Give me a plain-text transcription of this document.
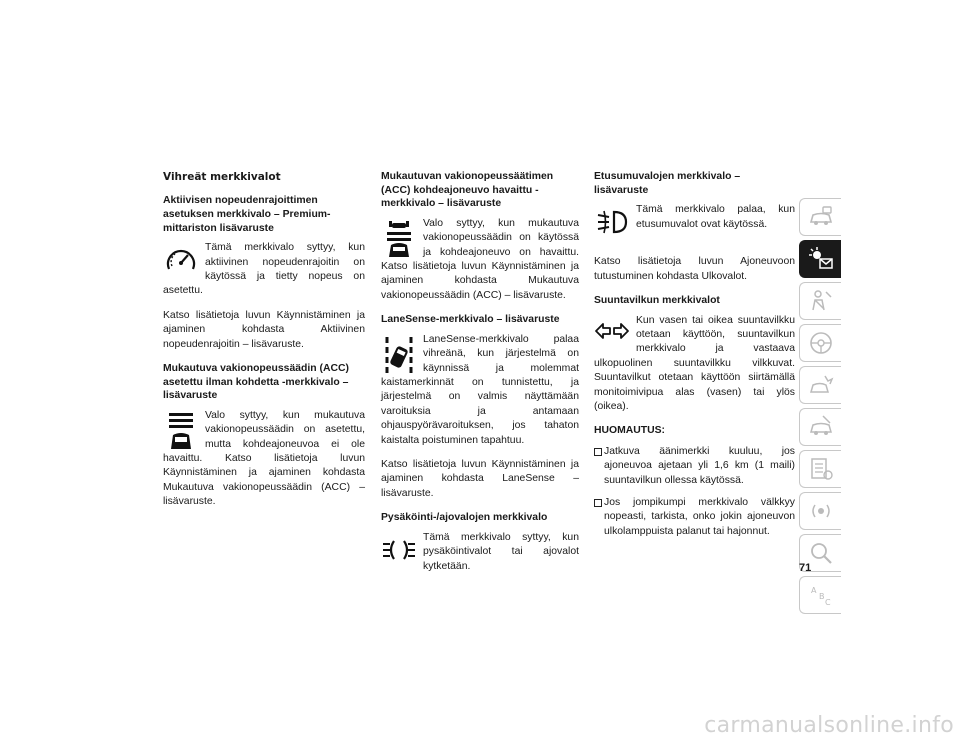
Vihreät merkkivalot
Aktiivisen nopeudenrajoittimen asetuksen merkkivalo – Premium-mittariston lisävaruste

Tämä merkkivalo syttyy, kun aktiivinen nopeudenrajoitin on käytössä ja tietty nopeus on asetettu.

Katso lisätietoja luvun Käynnistäminen ja ajaminen kohdasta Aktiivinen nopeudenrajoitin – lisävaruste.

Mukautuva vakionopeussäädin (ACC) asetettu ilman kohdetta -merkkivalo – lisävaruste

Valo syttyy, kun mukautuva vakionopeussäädin on asetettu, mutta kohdeajoneuvoa ei ole havaittu. Katso lisätietoja luvun Käynnistäminen ja ajaminen kohdasta Mukautuva vakionopeussäädin (ACC) – lisävaruste.

Mukautuvan vakionopeussäätimen (ACC) kohdeajoneuvo havaittu -merkkivalo – lisävaruste

Valo syttyy, kun mukautuva vakionopeussäädin on käytössä ja kohdeajoneuvo on havaittu. Katso lisätietoja luvun Käynnistäminen ja ajaminen kohdasta Mukautuva vakionopeussäädin (ACC) – lisävaruste.

LaneSense-merkkivalo – lisävaruste

LaneSense-merkkivalo palaa vihreänä, kun järjestelmä on käynnissä ja molemmat kaistamerkinnät on tunnistettu, ja järjestelmä on valmis näyttämään varoituksia ja antamaan ohjauspyörävaroituksen, jos tahaton kaistalta poistuminen tapahtuu.

Katso lisätietoja luvun Käynnistäminen ja ajaminen kohdasta LaneSense – lisävaruste.

Pysäköinti-/ajovalojen merkkivalo

Tämä merkkivalo syttyy, kun pysäköintivalot tai ajovalot kytketään.

Etusumuvalojen merkkivalo – lisävaruste

Tämä merkkivalo palaa, kun etusumuvalot ovat käytössä.

Katso lisätietoja luvun Ajoneuvoon tutustuminen kohdasta Ulkovalot.

Suuntavilkun merkkivalot

Kun vasen tai oikea suuntavilkku otetaan käyttöön, suuntavilkun merkkivalo ja vastaava ulkopuolinen suuntavilkku vilkkuvat. Suuntavilkut otetaan käyttöön siirtämällä monitoimivipua alas (vasen) tai ylös (oikea).

HUOMAUTUS:
Jatkuva äänimerkki kuuluu, jos ajoneuvoa ajetaan yli 1,6 km (1 maili) suuntavilkun ollessa käytössä.
Jos jompikumpi merkkivalo välkkyy nopeasti, tarkista, onko jokin ajoneuvon ulkolamppuista palanut tai hajonnut.
A
B
C
71
carmanualsonline.info
